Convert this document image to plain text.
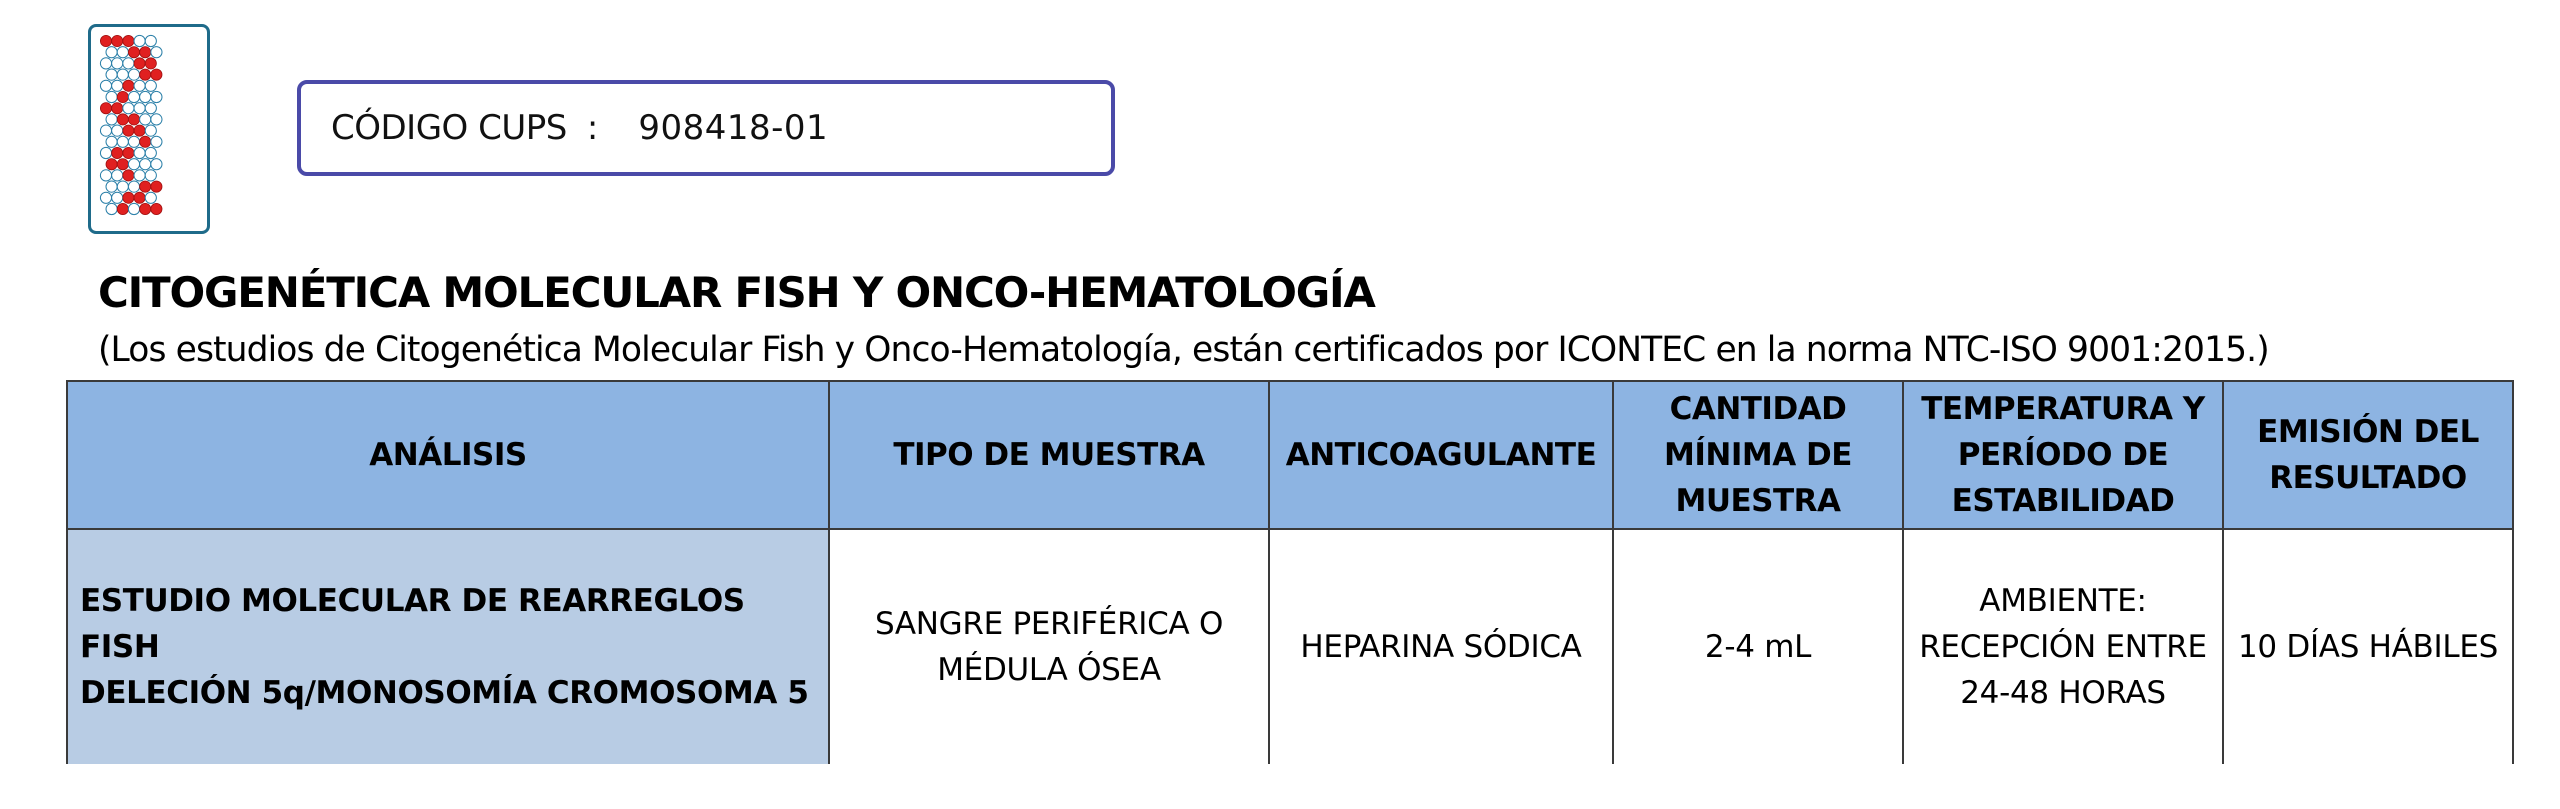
CÓDIGO CUPS : 908418-01
CITOGENÉTICA MOLECULAR FISH Y ONCO-HEMATOLOGÍA

(Los estudios de Citogenética Molecular Fish y Onco-Hematología, están certificados por ICONTEC en la norma NTC-ISO 9001:2015.)

ANÁLISIS	TIPO DE MUESTRA	ANTICOAGULANTE	CANTIDAD
MÍNIMA DE
MUESTRA	TEMPERATURA Y
PERÍODO DE
ESTABILIDAD	EMISIÓN DEL
RESULTADO
ESTUDIO MOLECULAR DE REARREGLOS FISH
DELECIÓN 5q/MONOSOMÍA CROMOSOMA 5	SANGRE PERIFÉRICA O
MÉDULA ÓSEA	HEPARINA SÓDICA	2-4 mL	AMBIENTE:
RECEPCIÓN ENTRE
24-48 HORAS	10 DÍAS HÁBILES
